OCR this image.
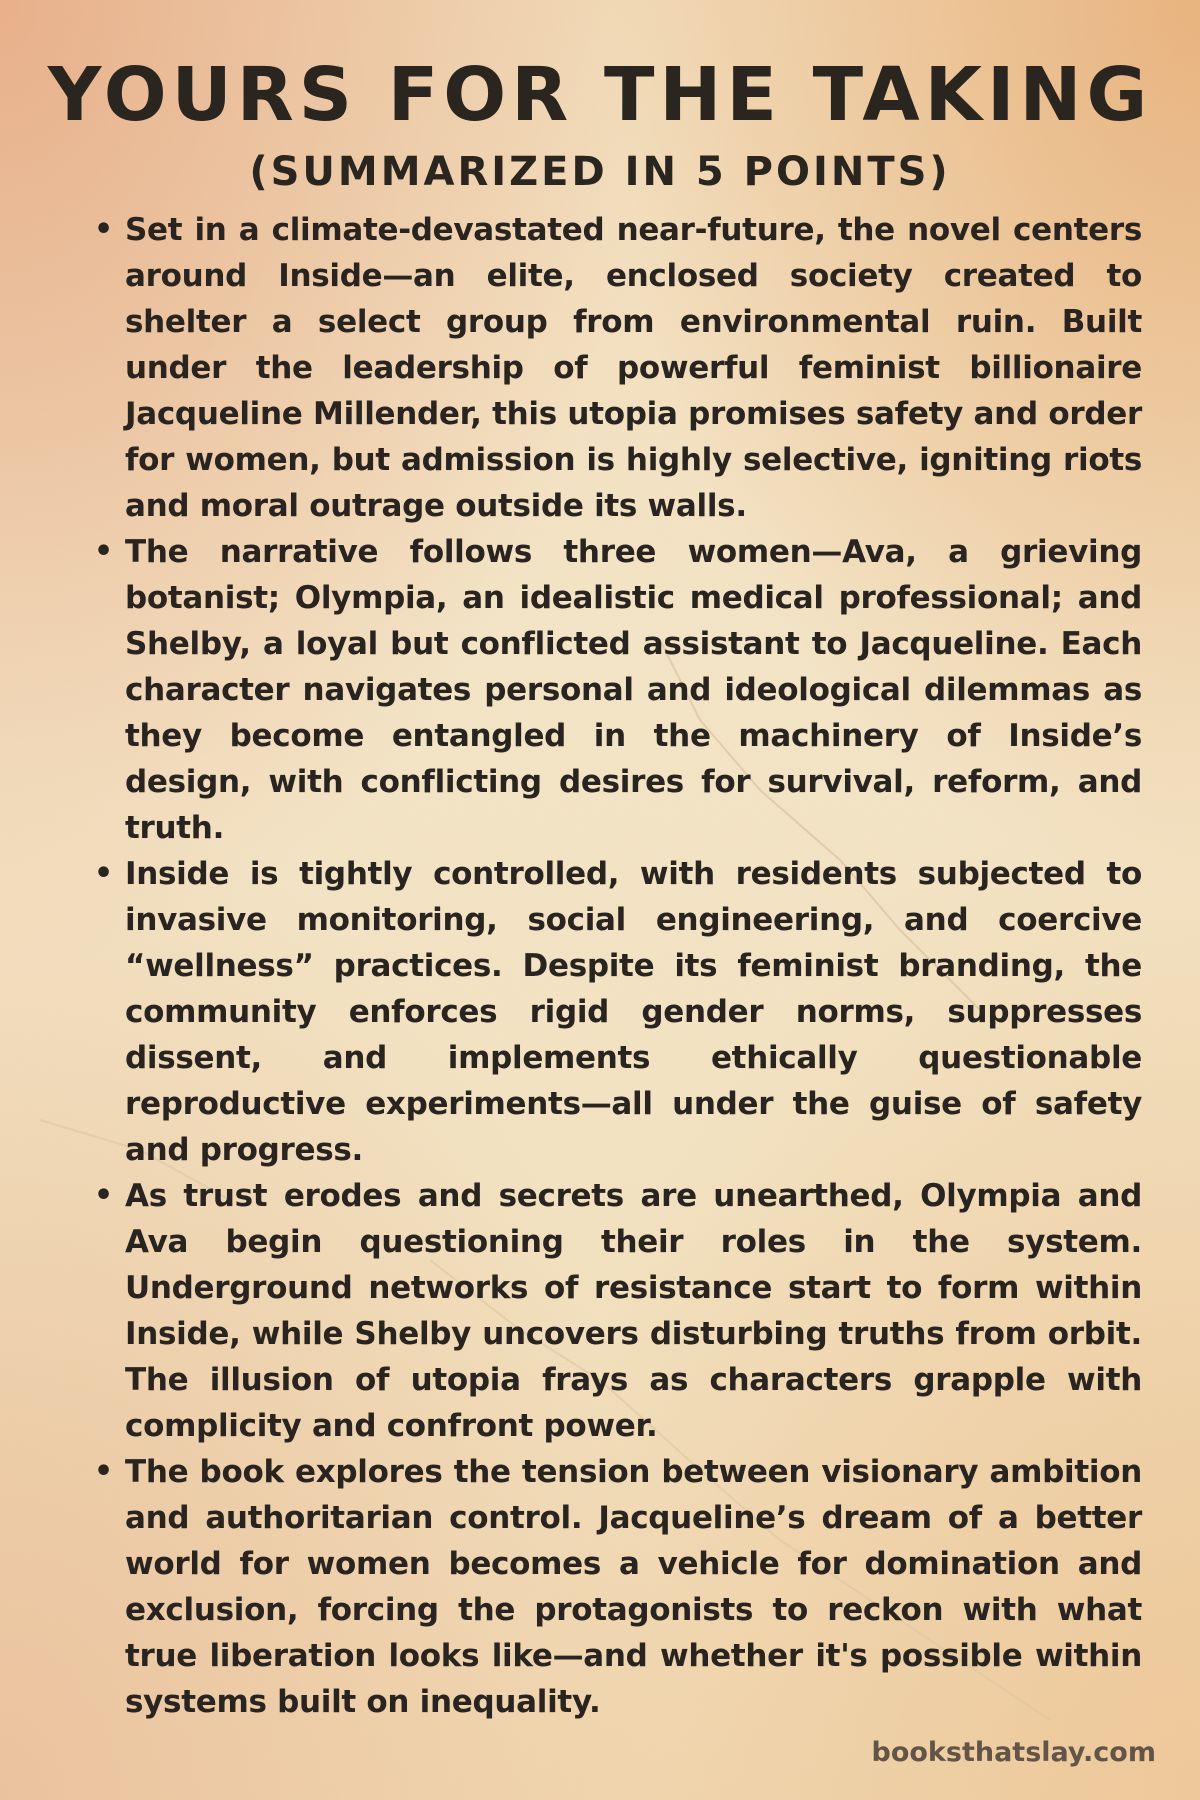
YOURS FOR THE TAKING
(SUMMARIZED IN 5 POINTS)
• Set in a climate-devastated near-future, the novel centers around Inside—an elite, enclosed society created to shelter a select group from environmental ruin. Built under the leadership of powerful feminist billionaire Jacqueline Millender, this utopia promises safety and order for women, but admission is highly selective, igniting riots and moral outrage outside its walls.
• The narrative follows three women—Ava, a grieving botanist; Olympia, an idealistic medical professional; and Shelby, a loyal but conflicted assistant to Jacqueline. Each character navigates personal and ideological dilemmas as they become entangled in the machinery of Inside’s design, with conflicting desires for survival, reform, and truth.
• Inside is tightly controlled, with residents subjected to invasive monitoring, social engineering, and coercive “wellness” practices. Despite its feminist branding, the community enforces rigid gender norms, suppresses dissent, and implements ethically questionable reproductive experiments—all under the guise of safety and progress.
• As trust erodes and secrets are unearthed, Olympia and Ava begin questioning their roles in the system. Underground networks of resistance start to form within Inside, while Shelby uncovers disturbing truths from orbit. The illusion of utopia frays as characters grapple with complicity and confront power.
• The book explores the tension between visionary ambition and authoritarian control. Jacqueline’s dream of a better world for women becomes a vehicle for domination and exclusion, forcing the protagonists to reckon with what true liberation looks like—and whether it's possible within systems built on inequality.
booksthatslay.com
